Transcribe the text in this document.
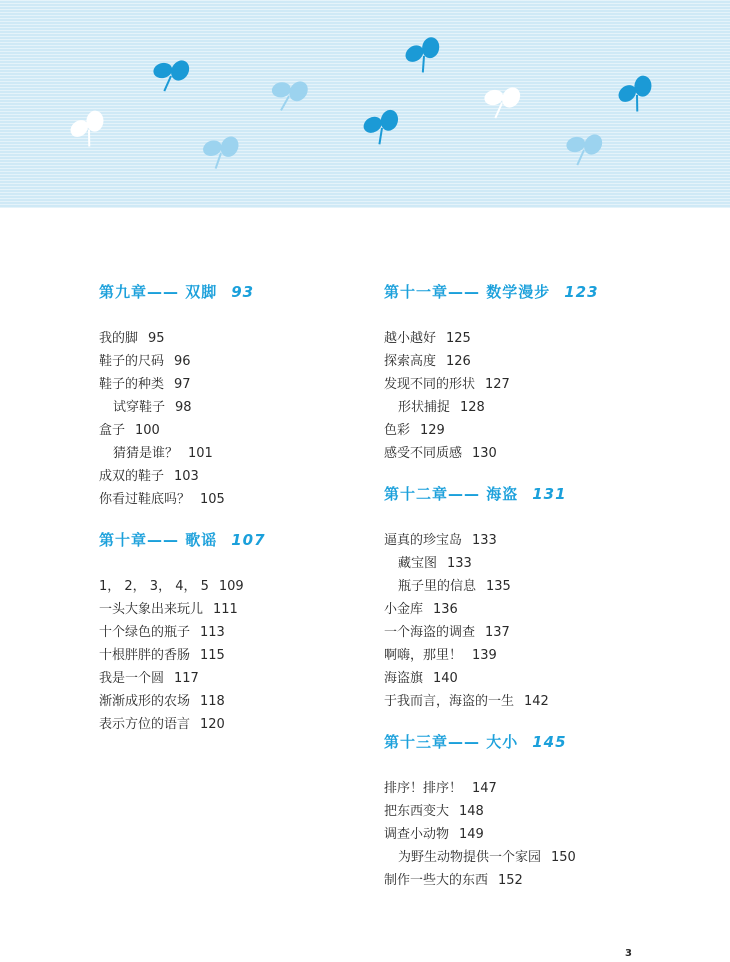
第九章—— 双脚 93
我的脚 95
鞋子的尺码 96
鞋子的种类 97
试穿鞋子 98
盒子 100
猜猜是谁？ 101
成双的鞋子 103
你看过鞋底吗？ 105
第十章—— 歌谣 107
1， 2， 3， 4， 5 109
一头大象出来玩儿 111
十个绿色的瓶子 113
十根胖胖的香肠 115
我是一个圆 117
渐渐成形的农场 118
表示方位的语言 120
第十一章—— 数学漫步 123
越小越好 125
探索高度 126
发现不同的形状 127
形状捕捉 128
色彩 129
感受不同质感 130
第十二章—— 海盗 131
逼真的珍宝岛 133
藏宝图 133
瓶子里的信息 135
小金库 136
一个海盗的调查 137
啊嗨，那里！ 139
海盗旗 140
于我而言，海盗的一生 142
第十三章—— 大小 145
排序！排序！ 147
把东西变大 148
调查小动物 149
为野生动物提供一个家园 150
制作一些大的东西 152
3
